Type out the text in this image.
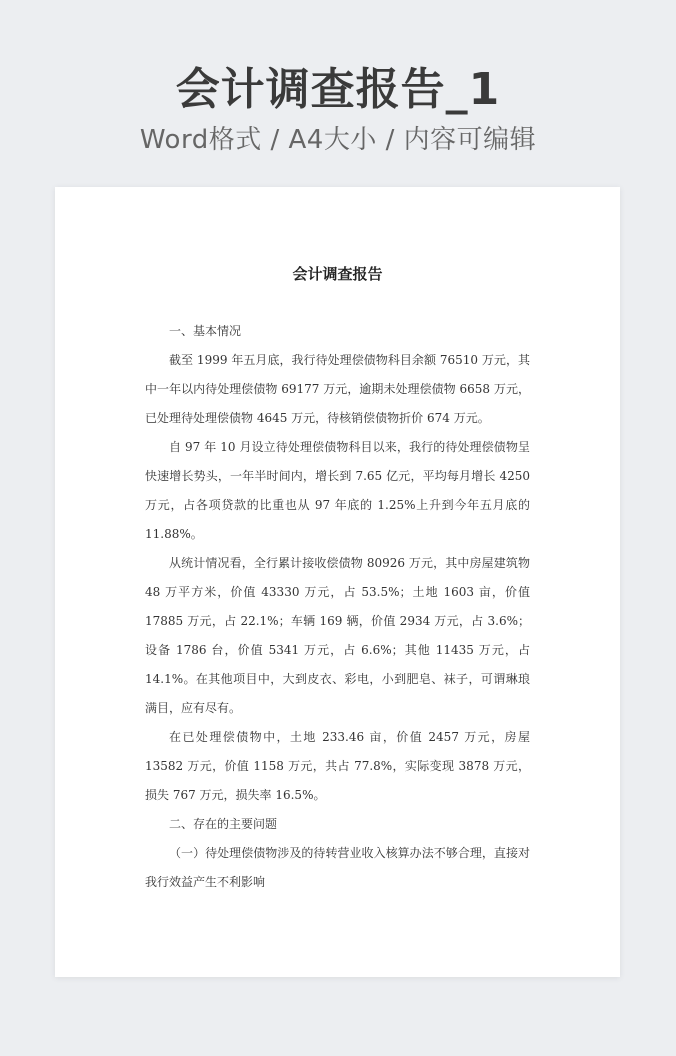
会计调查报告_1
Word格式 / A4大小 / 内容可编辑
会计调查报告

一、基本情况

截至 1999 年五月底，我行待处理偿债物科目余额 76510 万元，其中一年以内待处理偿债物 69177 万元，逾期未处理偿债物 6658 万元，已处理待处理偿债物 4645 万元，待核销偿债物折价 674 万元。

自 97 年 10 月设立待处理偿债物科目以来，我行的待处理偿债物呈快速增长势头，一年半时间内，增长到 7.65 亿元，平均每月增长 4250 万元，占各项贷款的比重也从 97 年底的 1.25%上升到今年五月底的 11.88%。

从统计情况看，全行累计接收偿债物 80926 万元，其中房屋建筑物 48 万平方米，价值 43330 万元，占 53.5%；土地 1603 亩，价值 17885 万元，占 22.1%；车辆 169 辆，价值 2934 万元，占 3.6%；设备 1786 台，价值 5341 万元，占 6.6%；其他 11435 万元，占 14.1%。在其他项目中，大到皮衣、彩电，小到肥皂、袜子，可谓琳琅满目，应有尽有。

在已处理偿债物中，土地 233.46 亩，价值 2457 万元，房屋 13582 万元，价值 1158 万元，共占 77.8%，实际变现 3878 万元，损失 767 万元，损失率 16.5%。

二、存在的主要问题

（一）待处理偿债物涉及的待转营业收入核算办法不够合理，直接对我行效益产生不利影响
